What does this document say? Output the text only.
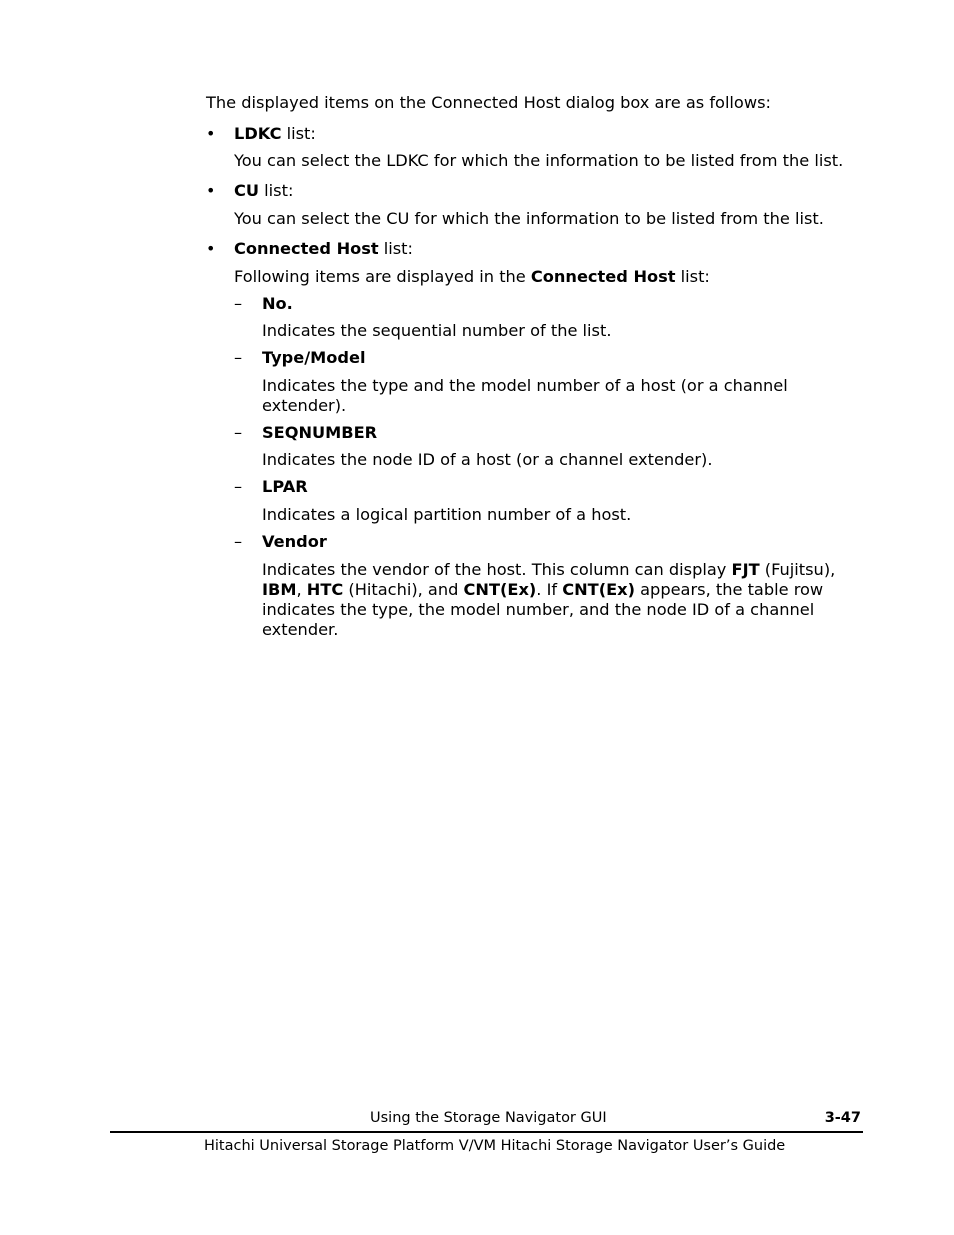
The displayed items on the Connected Host dialog box are as follows:
• LDKC list:
You can select the LDKC for which the information to be listed from the list.
• CU list:
You can select the CU for which the information to be listed from the list.
• Connected Host list:
Following items are displayed in the Connected Host list:
– No.
Indicates the sequential number of the list.
– Type/Model
Indicates the type and the model number of a host (or a channel extender).
– SEQNUMBER
Indicates the node ID of a host (or a channel extender).
– LPAR
Indicates a logical partition number of a host.
– Vendor
Indicates the vendor of the host. This column can display FJT (Fujitsu), IBM, HTC (Hitachi), and CNT(Ex). If CNT(Ex) appears, the table row indicates the type, the model number, and the node ID of a channel extender.
Using the Storage Navigator GUI	3-47
Hitachi Universal Storage Platform V/VM Hitachi Storage Navigator User’s Guide
